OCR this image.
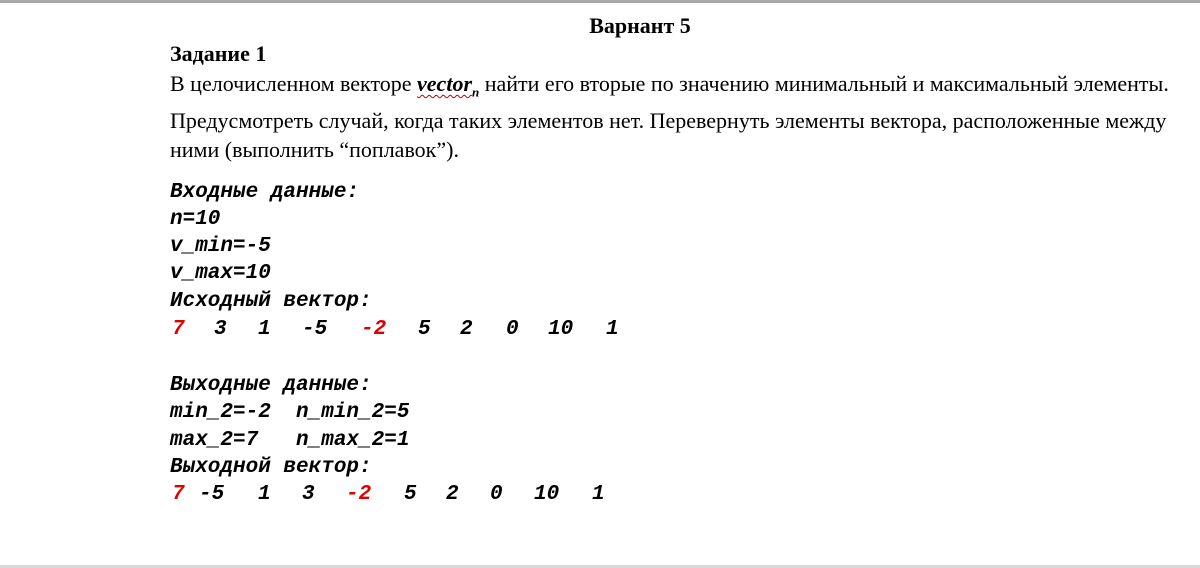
Варнант 5
Задание 1
В целочисленном векторе vector$_n$ найти его вторые по значению минимальный и максимальный элементы. Предусмотреть случай, когда таких элементов нет. Перевернуть элементы вектора, расположенные между ними (выполнить “поплавок”).
Входные данные:
n=10
v_min=-5
v_max=10
Исходный вектор:
7 3 1 -5 -2 5 2 0 10 1
Выходные данные:
min_2=-2  n_min_2=5
max_2=7   n_max_2=1
Выходной вектор:
7 -5 1 3 -2 5 2 0 10 1
